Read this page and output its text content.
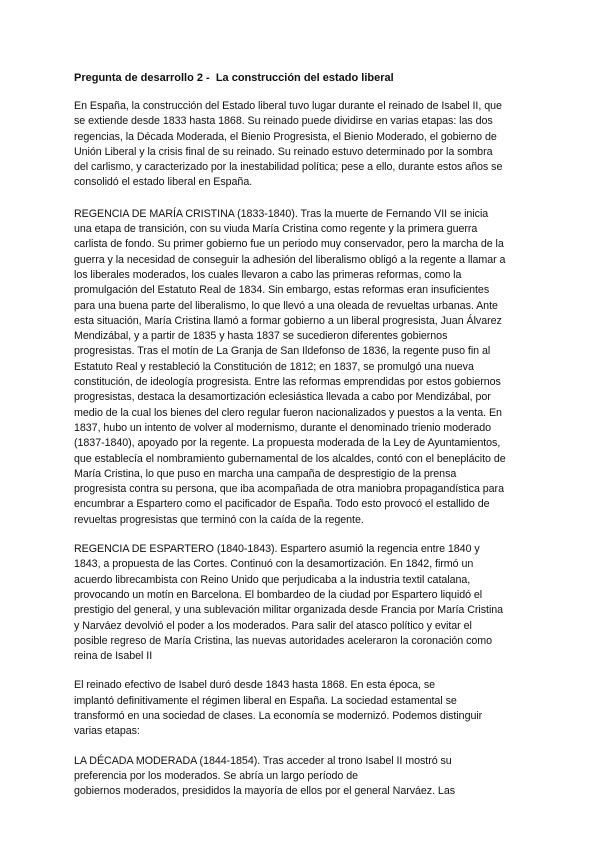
Pregunta de desarrollo 2 -  La construcción del estado liberal
En España, la construcción del Estado liberal tuvo lugar durante el reinado de Isabel II, que
se extiende desde 1833 hasta 1868. Su reinado puede dividirse en varias etapas: las dos
regencias, la Década Moderada, el Bienio Progresista, el Bienio Moderado, el gobierno de
Unión Liberal y la crisis final de su reinado. Su reinado estuvo determinado por la sombra
del carlismo, y caracterizado por la inestabilidad política; pese a ello, durante estos años se
consolidó el estado liberal en España.
REGENCIA DE MARÍA CRISTINA (1833-1840). Tras la muerte de Fernando VII se inicia
una etapa de transición, con su viuda María Cristina como regente y la primera guerra
carlista de fondo. Su primer gobierno fue un periodo muy conservador, pero la marcha de la
guerra y la necesidad de conseguir la adhesión del liberalismo obligó a la regente a llamar a
los liberales moderados, los cuales llevaron a cabo las primeras reformas, como la
promulgación del Estatuto Real de 1834. Sin embargo, estas reformas eran insuficientes
para una buena parte del liberalismo, lo que llevó a una oleada de revueltas urbanas. Ante
esta situación, María Cristina llamó a formar gobierno a un liberal progresista, Juan Álvarez
Mendizábal, y a partir de 1835 y hasta 1837 se sucedieron diferentes gobiernos
progresistas. Tras el motín de La Granja de San Ildefonso de 1836, la regente puso fin al
Estatuto Real y restableció la Constitución de 1812; en 1837, se promulgó una nueva
constitución, de ideología progresista. Entre las reformas emprendidas por estos gobiernos
progresistas, destaca la desamortización eclesiástica llevada a cabo por Mendizábal, por
medio de la cual los bienes del clero regular fueron nacionalizados y puestos a la venta. En
1837, hubo un intento de volver al modernismo, durante el denominado trienio moderado
(1837-1840), apoyado por la regente. La propuesta moderada de la Ley de Ayuntamientos,
que establecía el nombramiento gubernamental de los alcaldes, contó con el beneplácito de
María Cristina, lo que puso en marcha una campaña de desprestigio de la prensa
progresista contra su persona, que iba acompañada de otra maniobra propagandística para
encumbrar a Espartero como el pacificador de España. Todo esto provocó el estallido de
revueltas progresistas que terminó con la caída de la regente.
REGENCIA DE ESPARTERO (1840-1843). Espartero asumió la regencia entre 1840 y
1843, a propuesta de las Cortes. Continuó con la desamortización. En 1842, firmó un
acuerdo librecambista con Reino Unido que perjudicaba a la industria textil catalana,
provocando un motín en Barcelona. El bombardeo de la ciudad por Espartero liquidó el
prestigio del general, y una sublevación militar organizada desde Francia por María Cristina
y Narváez devolvió el poder a los moderados. Para salir del atasco político y evitar el
posible regreso de María Cristina, las nuevas autoridades aceleraron la coronación como
reina de Isabel II
El reinado efectivo de Isabel duró desde 1843 hasta 1868. En esta época, se
implantó definitivamente el régimen liberal en España. La sociedad estamental se
transformó en una sociedad de clases. La economía se modernizó. Podemos distinguir
varias etapas:
LA DÉCADA MODERADA (1844-1854). Tras acceder al trono Isabel II mostró su
preferencia por los moderados. Se abría un largo período de
gobiernos moderados, presididos la mayoría de ellos por el general Narváez. Las
